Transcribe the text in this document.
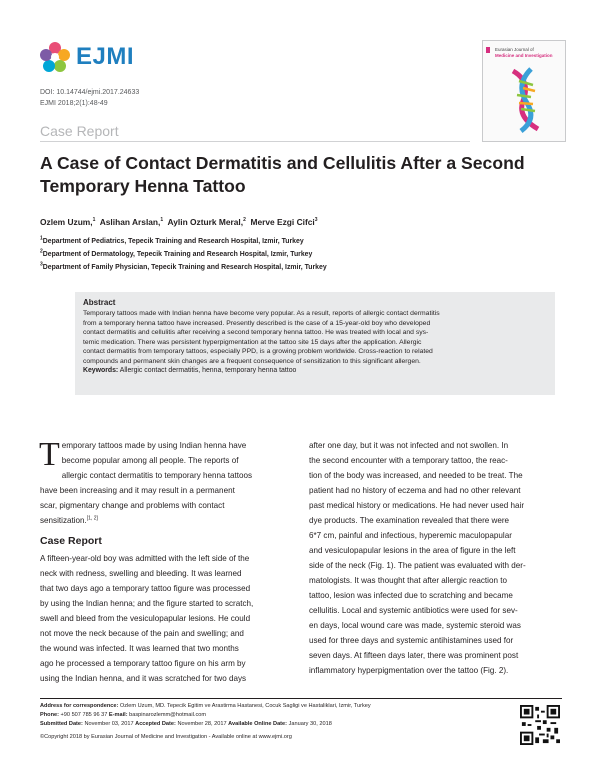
EJMI
DOI: 10.14744/ejmi.2017.24633
EJMI 2018;2(1):48-49
Eurasian Journal of
Medicine and Investigation
Case Report
A Case of Contact Dermatitis and Cellulitis After a Second
Temporary Henna Tattoo
Ozlem Uzum,$^1$ Aslihan Arslan,$^1$ Aylin Ozturk Meral,$^2$ Merve Ezgi Cifci$^3$
$^1$Department of Pediatrics, Tepecik Training and Research Hospital, Izmir, Turkey
$^2$Department of Dermatology, Tepecik Training and Research Hospital, Izmir, Turkey
$^3$Department of Family Physician, Tepecik Training and Research Hospital, Izmir, Turkey
Abstract
Temporary tattoos made with Indian henna have become very popular. As a result, reports of allergic contact dermatitis
from a temporary henna tattoo have increased. Presently described is the case of a 15-year-old boy who developed
contact dermatitis and cellulitis after receiving a second temporary henna tattoo. He was treated with local and sys-
temic medication. There was persistent hyperpigmentation at the tattoo site 15 days after the application. Allergic
contact dermatitis from temporary tattoos, especially PPD, is a growing problem worldwide. Cross-reaction to related
compounds and permanent skin changes are a frequent consequence of sensitization to this significant allergen.
Keywords: Allergic contact dermatitis, henna, temporary henna tattoo
T emporary tattoos made by using Indian henna have
become popular among all people. The reports of
allergic contact dermatitis to temporary henna tattoos
have been increasing and it may result in a permanent
scar, pigmentary change and problems with contact
sensitization.[1, 2]
Case Report
A fifteen-year-old boy was admitted with the left side of the
neck with redness, swelling and bleeding. It was learned
that two days ago a temporary tattoo figure was processed
by using the Indian henna; and the figure started to scratch,
swell and bleed from the vesiculopapular lesions. He could
not move the neck because of the pain and swelling; and
the wound was infected. It was learned that two months
ago he processed a temporary tattoo figure on his arm by
using the Indian henna, and it was scratched for two days
after one day, but it was not infected and not swollen. In
the second encounter with a temporary tattoo, the reac-
tion of the body was increased, and needed to be treat. The
patient had no history of eczema and had no other relevant
past medical history or medications. He had never used hair
dye products. The examination revealed that there were
6*7 cm, painful and infectious, hyperemic maculopapular
and vesiculopapular lesions in the area of figure in the left
side of the neck (Fig. 1). The patient was evaluated with der-
matologists. It was thought that after allergic reaction to
tattoo, lesion was infected due to scratching and became
cellulitis. Local and systemic antibiotics were used for sev-
en days, local wound care was made, systemic steroid was
used for three days and systemic antihistamines used for
seven days. At fifteen days later, there was prominent post
inflammatory hyperpigmentation over the tattoo (Fig. 2).
Address for correspondence: Ozlem Uzum, MD. Tepecik Egitim ve Arastirma Hastanesi, Cocuk Sagligi ve Hastaliklari, Izmir, Turkey
Phone: +90 507 785 96 37 E-mail: baspinarozlemm@hotmail.com
Submitted Date: November 03, 2017 Accepted Date: November 28, 2017 Available Online Date: January 30, 2018
©Copyright 2018 by Eurasian Journal of Medicine and Investigation - Available online at www.ejmi.org
